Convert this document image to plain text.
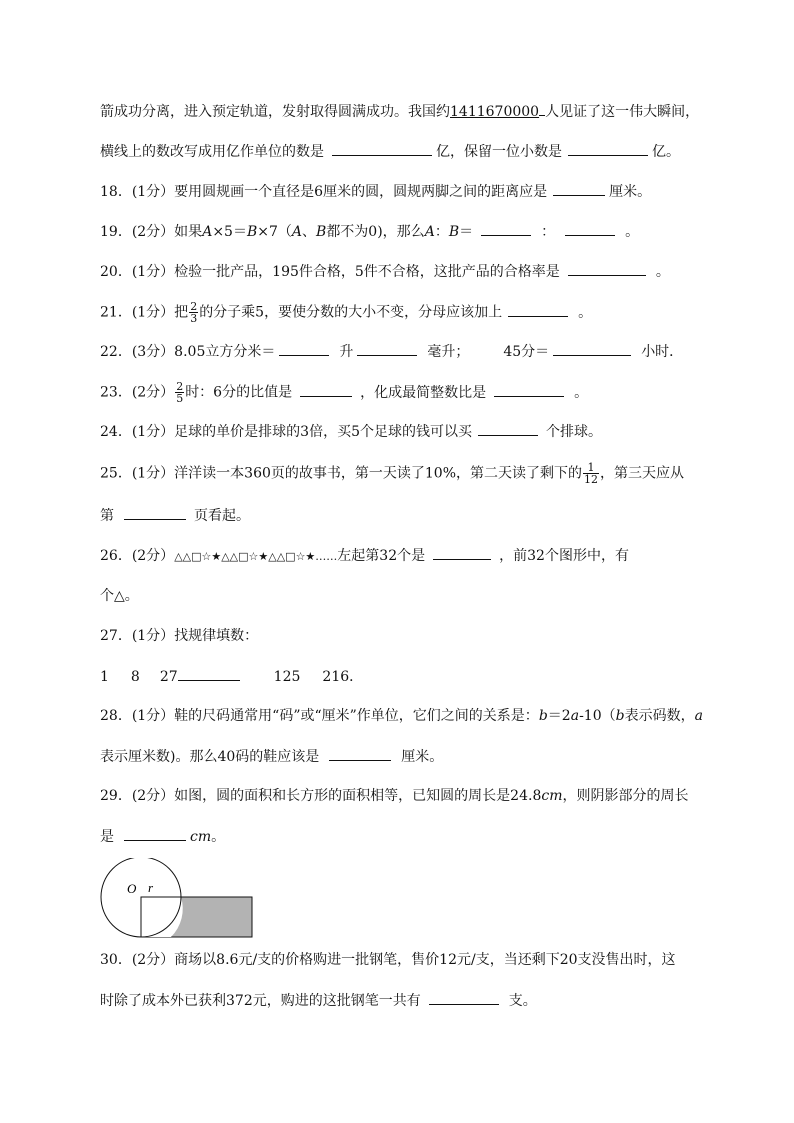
箭成功分离，进入预定轨道，发射取得圆满成功。我国约1411670000 人见证了这一伟大瞬间，
横线上的数改写成用亿作单位的数是	亿，保留一位小数是	亿。
18．(1分）要用圆规画一个直径是6厘米的圆，圆规两脚之间的距离应是	厘米。
19．(2分）如果A×5＝B×7（A、B都不为0)，那么A：B＝	：	。
20．(1分）检验一批产品，195件合格，5件不合格，这批产品的合格率是	。
21．(1分）把 $\frac{2}{3}$ 的分子乘5，要使分数的大小不变，分母应该加上	。
22．(3分）8.05立方分米＝	升	毫升； 45分＝	小时．
23．(2分） $\frac{2}{5}$ 时：6分的比值是	，化成最简整数比是	。
24．(1分）足球的单价是排球的3倍，买5个足球的钱可以买	个排球。
25．(1分）洋洋读一本360页的故事书，第一天读了10%，第二天读了剩下的 $\frac{1}{12}$ ，第三天应从
第	页看起。
26．(2分）△△□☆★△△□☆★△△□☆★……左起第32个是	，前32个图形中，有
个△。
27．(1分）找规律填数：
1 8 27	125 216．
28．(1分）鞋的尺码通常用“码”或“厘米”作单位，它们之间的关系是：b＝2a-10（b表示码数，a
表示厘米数)。那么40码的鞋应该是	厘米。
29．(2分）如图，圆的面积和长方形的面积相等，已知圆的周长是24.8cm，则阴影部分的周长
是	cm。
O r
30．(2分）商场以8.6元/支的价格购进一批钢笔，售价12元/支，当还剩下20支没售出时，这
时除了成本外已获利372元，购进的这批钢笔一共有	支。
